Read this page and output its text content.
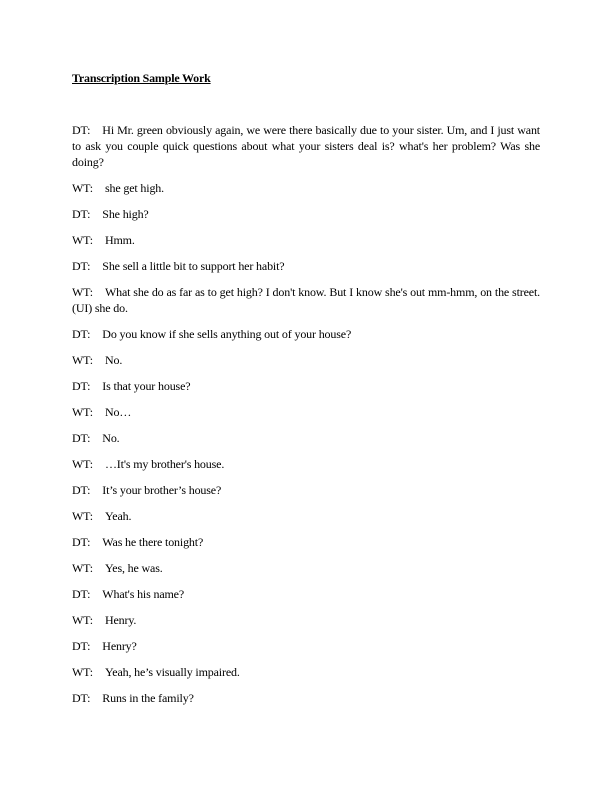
Transcription Sample Work

DT: Hi Mr. green obviously again, we were there basically due to your sister. Um, and I just want to ask you couple quick questions about what your sisters deal is? what's her problem? Was she doing?

WT: she get high.

DT: She high?

WT: Hmm.

DT: She sell a little bit to support her habit?

WT: What she do as far as to get high? I don't know. But I know she's out mm-hmm, on the street. (UI) she do.

DT: Do you know if she sells anything out of your house?

WT: No.

DT: Is that your house?

WT: No…

DT: No.

WT: …It's my brother's house.

DT: It’s your brother’s house?

WT: Yeah.

DT: Was he there tonight?

WT: Yes, he was.

DT: What's his name?

WT: Henry.

DT: Henry?

WT: Yeah, he’s visually impaired.

DT: Runs in the family?
